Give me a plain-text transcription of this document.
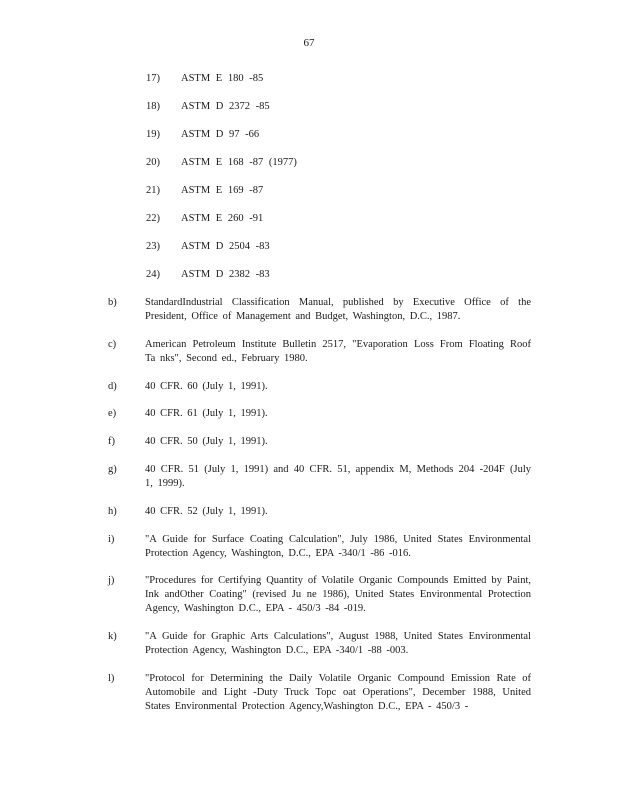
67
17) ASTM E 180 -85
18) ASTM D 2372 -85
19) ASTM D 97 -66
20) ASTM E 168 -87 (1977)
21) ASTM E 169 -87
22) ASTM E 260 -91
23) ASTM D 2504 -83
24) ASTM D 2382 -83
b)	StandardIndustrial Classification Manual, published by Executive Office of the President, Office of Management and Budget, Washington, D.C., 1987.
c)	American Petroleum Institute Bulletin 2517, "Evaporation Loss From Floating Roof Ta nks", Second ed., February 1980.
d)	40 CFR. 60 (July 1, 1991).
e)	40 CFR. 61 (July 1, 1991).
f)	40 CFR. 50 (July 1, 1991).
g)	40 CFR. 51 (July 1, 1991) and 40 CFR. 51, appendix M, Methods 204 -204F (July 1, 1999).
h)	40 CFR. 52 (July 1, 1991).
i)	"A Guide for Surface Coating Calculation", July 1986, United States Environmental Protection Agency, Washington, D.C., EPA -340/1 -86 -016.
j)	"Procedures for Certifying Quantity of Volatile Organic Compounds Emitted by Paint, Ink andOther Coating" (revised Ju ne 1986), United States Environmental Protection Agency, Washington D.C., EPA - 450/3 -84 -019.
k)	"A Guide for Graphic Arts Calculations", August 1988, United States Environmental Protection Agency, Washington D.C., EPA -340/1 -88 -003.
l)	"Protocol for Determining the Daily Volatile Organic Compound Emission Rate of Automobile and Light -Duty Truck Topc oat Operations", December 1988, United States Environmental Protection Agency,Washington D.C., EPA - 450/3 -
